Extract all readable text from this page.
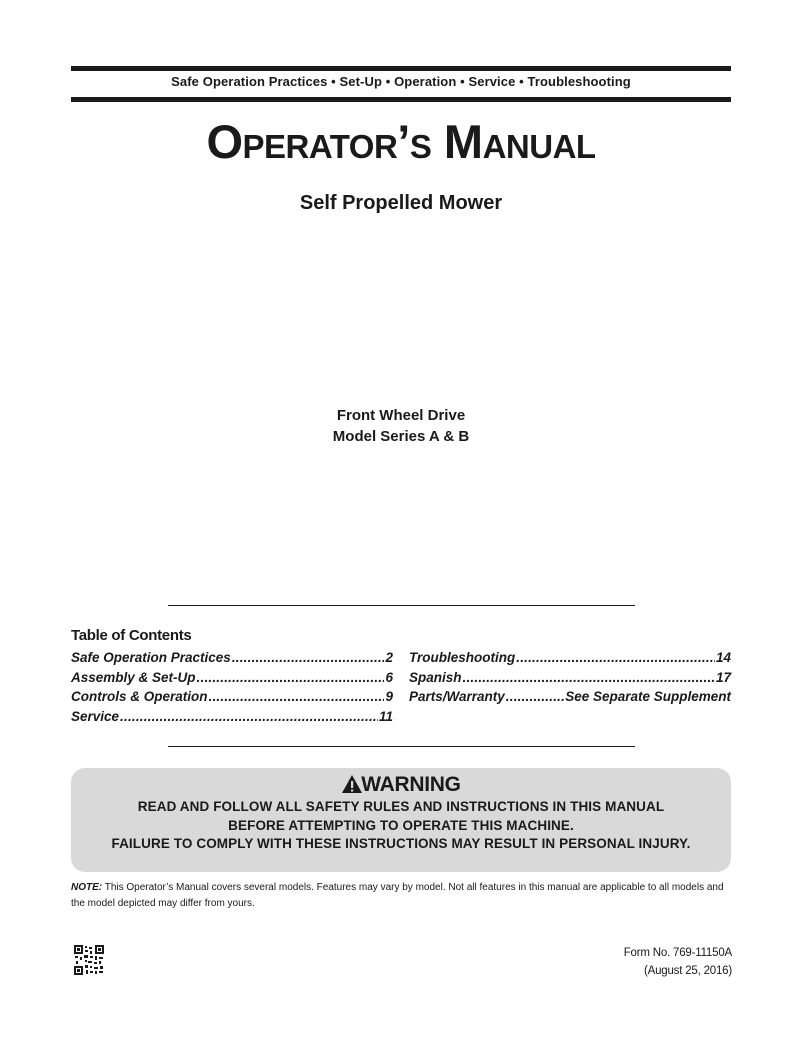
Safe Operation Practices • Set-Up • Operation • Service • Troubleshooting
Operator’s Manual
Self Propelled Mower
Front Wheel Drive
Model Series A & B
Table of Contents
Safe Operation Practices .....	2
Assembly & Set-Up .....	6
Controls & Operation .....	9
Service .....	11
Troubleshooting .....	14
Spanish .....	17
Parts/Warranty .....	See Separate Supplement
WARNING
READ AND FOLLOW ALL SAFETY RULES AND INSTRUCTIONS IN THIS MANUAL
BEFORE ATTEMPTING TO OPERATE THIS MACHINE.
FAILURE TO COMPLY WITH THESE INSTRUCTIONS MAY RESULT IN PERSONAL INJURY.
NOTE: This Operator’s Manual covers several models. Features may vary by model. Not all features in this manual are applicable to all models and the model depicted may differ from yours.
Form No. 769-11150A
(August 25, 2016)
